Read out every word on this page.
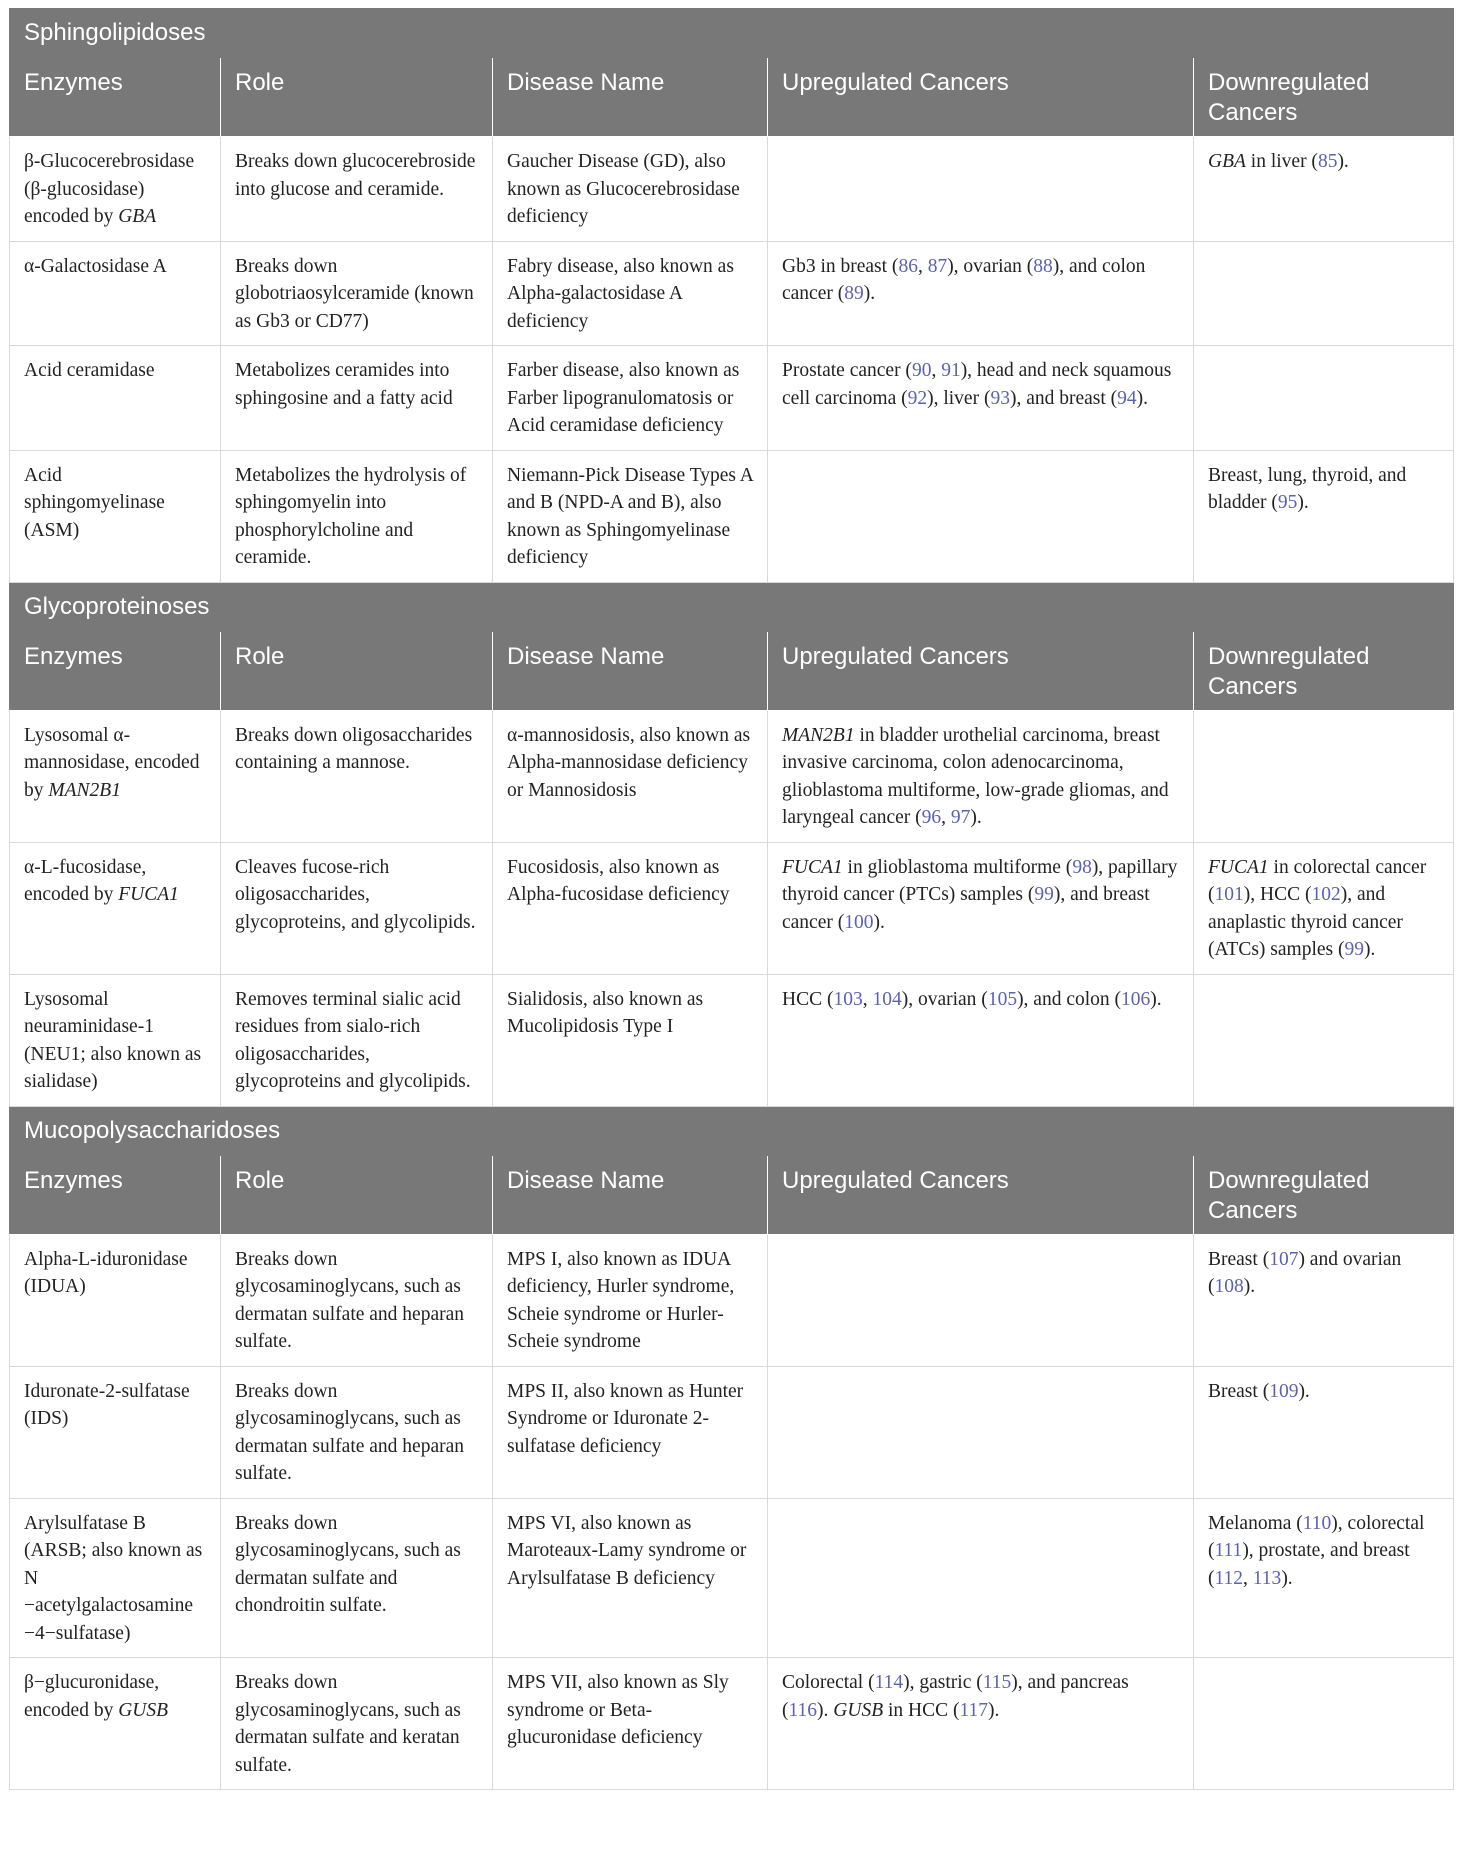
Sphingolipidoses				
Enzymes	Role	Disease Name	Upregulated Cancers	Downregulated Cancers
β-Glucocerebrosidase (β-glucosidase) encoded by GBA	Breaks down glucocerebroside into glucose and ceramide.	Gaucher Disease (GD), also known as Glucocerebrosidase deficiency		GBA in liver (85).
α-Galactosidase A	Breaks down globotriaosylceramide (known as Gb3 or CD77)	Fabry disease, also known as Alpha-galactosidase A deficiency	Gb3 in breast (86, 87), ovarian (88), and colon cancer (89).	
Acid ceramidase	Metabolizes ceramides into sphingosine and a fatty acid	Farber disease, also known as Farber lipogranulomatosis or Acid ceramidase deficiency	Prostate cancer (90, 91), head and neck squamous cell carcinoma (92), liver (93), and breast (94).	
Acid sphingomyelinase (ASM)	Metabolizes the hydrolysis of sphingomyelin into phosphorylcholine and ceramide.	Niemann-Pick Disease Types A and B (NPD-A and B), also known as Sphingomyelinase deficiency		Breast, lung, thyroid, and bladder (95).
Glycoproteinoses				
Enzymes	Role	Disease Name	Upregulated Cancers	Downregulated Cancers
Lysosomal α-mannosidase, encoded by MAN2B1	Breaks down oligosaccharides containing a mannose.	α-mannosidosis, also known as Alpha-mannosidase deficiency or Mannosidosis	MAN2B1 in bladder urothelial carcinoma, breast invasive carcinoma, colon adenocarcinoma, glioblastoma multiforme, low-grade gliomas, and laryngeal cancer (96, 97).	
α-L-fucosidase, encoded by FUCA1	Cleaves fucose-rich oligosaccharides, glycoproteins, and glycolipids.	Fucosidosis, also known as Alpha-fucosidase deficiency	FUCA1 in glioblastoma multiforme (98), papillary thyroid cancer (PTCs) samples (99), and breast cancer (100).	FUCA1 in colorectal cancer (101), HCC (102), and anaplastic thyroid cancer (ATCs) samples (99).
Lysosomal neuraminidase-1 (NEU1; also known as sialidase)	Removes terminal sialic acid residues from sialo-rich oligosaccharides, glycoproteins and glycolipids.	Sialidosis, also known as Mucolipidosis Type I	HCC (103, 104), ovarian (105), and colon (106).	
Mucopolysaccharidoses				
Enzymes	Role	Disease Name	Upregulated Cancers	Downregulated Cancers
Alpha-L-iduronidase (IDUA)	Breaks down glycosaminoglycans, such as dermatan sulfate and heparan sulfate.	MPS I, also known as IDUA deficiency, Hurler syndrome, Scheie syndrome or Hurler-Scheie syndrome		Breast (107) and ovarian (108).
Iduronate-2-sulfatase (IDS)	Breaks down glycosaminoglycans, such as dermatan sulfate and heparan sulfate.	MPS II, also known as Hunter Syndrome or Iduronate 2-sulfatase deficiency		Breast (109).
Arylsulfatase B (ARSB; also known as N −acetylgalactosamine −4−sulfatase)	Breaks down glycosaminoglycans, such as dermatan sulfate and chondroitin sulfate.	MPS VI, also known as Maroteaux-Lamy syndrome or Arylsulfatase B deficiency		Melanoma (110), colorectal (111), prostate, and breast (112, 113).
β−glucuronidase, encoded by GUSB	Breaks down glycosaminoglycans, such as dermatan sulfate and keratan sulfate.	MPS VII, also known as Sly syndrome or Beta-glucuronidase deficiency	Colorectal (114), gastric (115), and pancreas (116). GUSB in HCC (117).	
